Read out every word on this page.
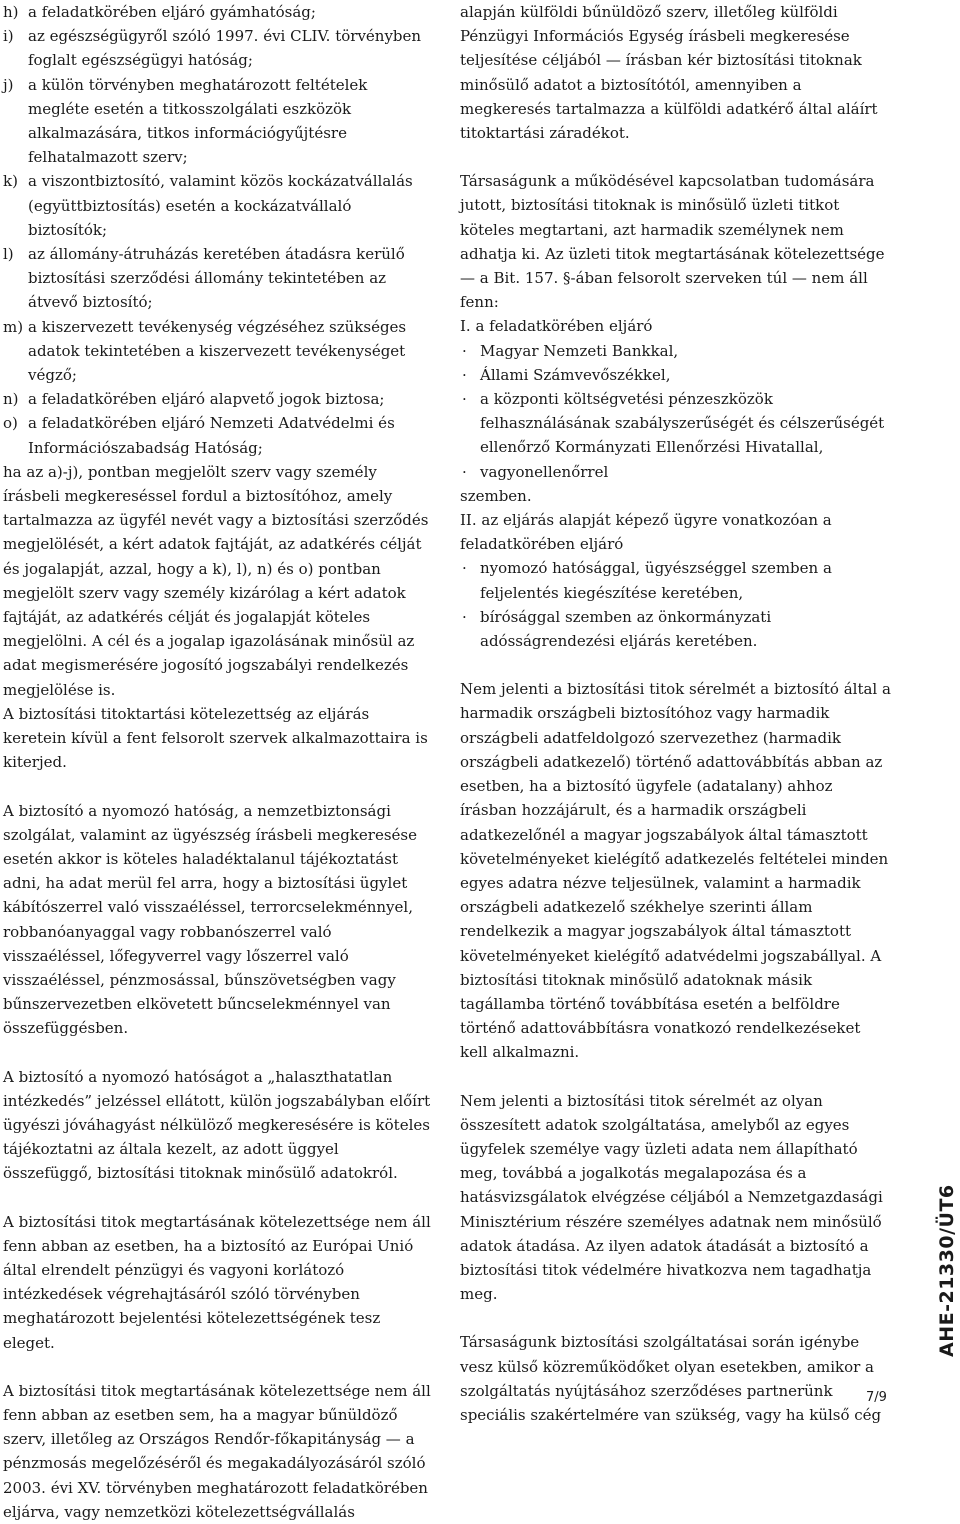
h) a feladatkörében eljáró gyámhatóság;
i) az egészségügyről szóló 1997. évi CLIV. törvényben foglalt egészségügyi hatóság;
j) a külön törvényben meghatározott feltételek megléte esetén a titkosszolgálati eszközök alkalmazására, titkos információgyűjtésre felhatalmazott szerv;
k) a viszontbiztosító, valamint közös kockázatvállalás (együttbiztosítás) esetén a kockázatvállaló biztosítók;
l) az állomány-átruházás keretében átadásra kerülő biztosítási szerződési állomány tekintetében az átvevő biztosító;
m) a kiszervezett tevékenység végzéséhez szükséges adatok tekintetében a kiszervezett tevékenységet végző;
n) a feladatkörében eljáró alapvető jogok biztosa;
o) a feladatkörében eljáró Nemzeti Adatvédelmi és Információszabadság Hatóság;

ha az a)-j), pontban megjelölt szerv vagy személy írásbeli megkereséssel fordul a biztosítóhoz, amely tartalmazza az ügyfél nevét vagy a biztosítási szerződés megjelölését, a kért adatok fajtáját, az adatkérés célját és jogalapját, azzal, hogy a k), l), n) és o) pontban megjelölt szerv vagy személy kizárólag a kért adatok fajtáját, az adatkérés célját és jogalapját köteles megjelölni. A cél és a jogalap igazolásának minősül az adat megismerésére jogosító jogszabályi rendelkezés megjelölése is.

A biztosítási titoktartási kötelezettség az eljárás keretein kívül a fent felsorolt szervek alkalmazottaira is kiterjed.

A biztosító a nyomozó hatóság, a nemzetbiztonsági szolgálat, valamint az ügyészség írásbeli megkeresése esetén akkor is köteles haladéktalanul tájékoztatást adni, ha adat merül fel arra, hogy a biztosítási ügylet kábítószerrel való visszaéléssel, terrorcselekménnyel, robbanóanyaggal vagy robbanószerrel való visszaéléssel, lőfegyverrel vagy lőszerrel való visszaéléssel, pénzmosással, bűnszövetségben vagy bűnszervezetben elkövetett bűncselekménnyel van összefüggésben.

A biztosító a nyomozó hatóságot a „halaszthatatlan intézkedés” jelzéssel ellátott, külön jogszabályban előírt ügyészi jóváhagyást nélkülöző megkeresésére is köteles tájékoztatni az általa kezelt, az adott üggyel összefüggő, biztosítási titoknak minősülő adatokról.

A biztosítási titok megtartásának kötelezettsége nem áll fenn abban az esetben, ha a biztosító az Európai Unió által elrendelt pénzügyi és vagyoni korlátozó intézkedések végrehajtásáról szóló törvényben meghatározott bejelentési kötelezettségének tesz eleget.

A biztosítási titok megtartásának kötelezettsége nem áll fenn abban az esetben sem, ha a magyar bűnüldöző szerv, illetőleg az Országos Rendőr-főkapitányság — a pénzmosás megelőzéséről és megakadályozásáról szóló 2003. évi XV. törvényben meghatározott feladatkörében eljárva, vagy nemzetközi kötelezettségvállalás

alapján külföldi bűnüldöző szerv, illetőleg külföldi Pénzügyi Információs Egység írásbeli megkeresése teljesítése céljából — írásban kér biztosítási titoknak minősülő adatot a biztosítótól, amennyiben a megkeresés tartalmazza a külföldi adatkérő által aláírt titoktartási záradékot.

Társaságunk a működésével kapcsolatban tudomására jutott, biztosítási titoknak is minősülő üzleti titkot köteles megtartani, azt harmadik személynek nem adhatja ki. Az üzleti titok megtartásának kötelezettsége — a Bit. 157. §-ában felsorolt szerveken túl — nem áll fenn:

I. a feladatkörében eljáró

· Magyar Nemzeti Bankkal,
· Állami Számvevőszékkel,
· a központi költségvetési pénzeszközök felhasználásának szabályszerűségét és célszerűségét ellenőrző Kormányzati Ellenőrzési Hivatallal,
· vagyonellenőrrel

szemben.

II. az eljárás alapját képező ügyre vonatkozóan a feladatkörében eljáró

· nyomozó hatósággal, ügyészséggel szemben a feljelentés kiegészítése keretében,
· bírósággal szemben az önkormányzati adósságrendezési eljárás keretében.

Nem jelenti a biztosítási titok sérelmét a biztosító által a harmadik országbeli biztosítóhoz vagy harmadik országbeli adatfeldolgozó szervezethez (harmadik országbeli adatkezelő) történő adattovábbítás abban az esetben, ha a biztosító ügyfele (adatalany) ahhoz írásban hozzájárult, és a harmadik országbeli adatkezelőnél a magyar jogszabályok által támasztott követelményeket kielégítő adatkezelés feltételei minden egyes adatra nézve teljesülnek, valamint a harmadik országbeli adatkezelő székhelye szerinti állam rendelkezik a magyar jogszabályok által támasztott követelményeket kielégítő adatvédelmi jogszabállyal. A biztosítási titoknak minősülő adatoknak másik tagállamba történő továbbítása esetén a belföldre történő adattovábbításra vonatkozó rendelkezéseket kell alkalmazni.

Nem jelenti a biztosítási titok sérelmét az olyan összesített adatok szolgáltatása, amelyből az egyes ügyfelek személye vagy üzleti adata nem állapítható meg, továbbá a jogalkotás megalapozása és a hatásvizsgálatok elvégzése céljából a Nemzetgazdasági Minisztérium részére személyes adatnak nem minősülő adatok átadása. Az ilyen adatok átadását a biztosító a biztosítási titok védelmére hivatkozva nem tagadhatja meg.

Társaságunk biztosítási szolgáltatásai során igénybe vesz külső közreműködőket olyan esetekben, amikor a szolgáltatás nyújtásához szerződéses partnerünk speciális szakértelmére van szükség, vagy ha külső cég

AHE-21330/ÜT6
7/9
